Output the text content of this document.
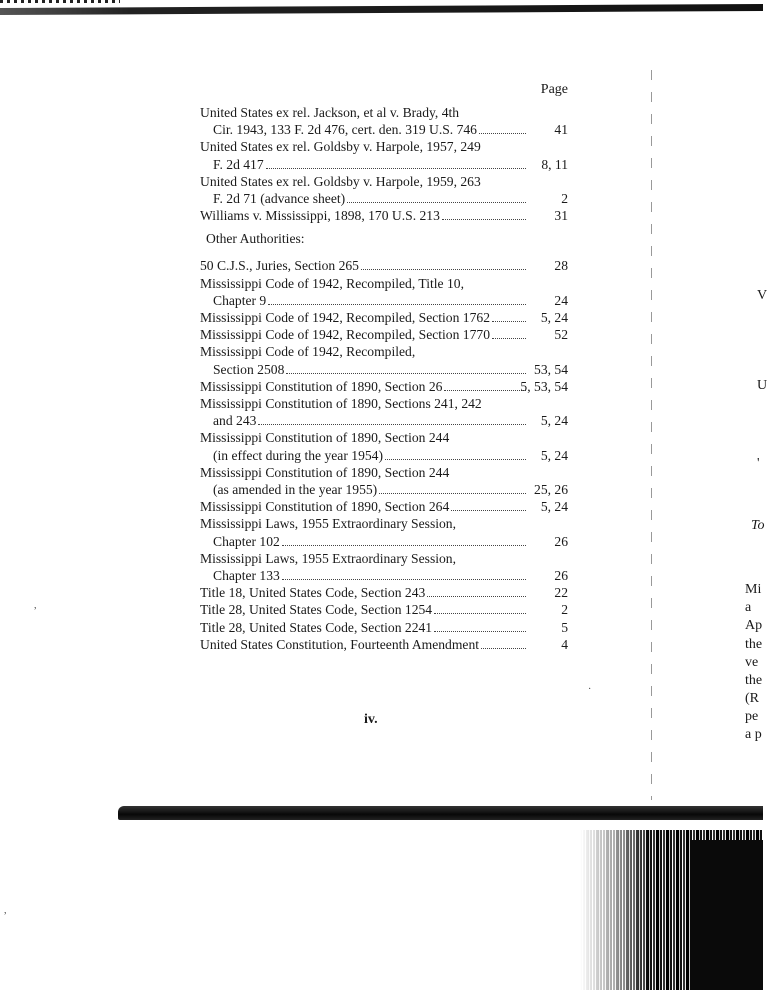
Page
United States ex rel. Jackson, et al v. Brady, 4th
Cir. 1943, 133 F. 2d 476, cert. den. 319 U.S. 746	41
United States ex rel. Goldsby v. Harpole, 1957, 249
F. 2d 417	8, 11
United States ex rel. Goldsby v. Harpole, 1959, 263
F. 2d 71 (advance sheet)	2
Williams v. Mississippi, 1898, 170 U.S. 213	31
Other Authorities:
50 C.J.S., Juries, Section 265	28
Mississippi Code of 1942, Recompiled, Title 10,
Chapter 9	24
Mississippi Code of 1942, Recompiled, Section 1762	5, 24
Mississippi Code of 1942, Recompiled, Section 1770	52
Mississippi Code of 1942, Recompiled,
Section 2508	53, 54
Mississippi Constitution of 1890, Section 26	5, 53, 54
Mississippi Constitution of 1890, Sections 241, 242
and 243	5, 24
Mississippi Constitution of 1890, Section 244
(in effect during the year 1954)	5, 24
Mississippi Constitution of 1890, Section 244
(as amended in the year 1955)	25, 26
Mississippi Constitution of 1890, Section 264	5, 24
Mississippi Laws, 1955 Extraordinary Session,
Chapter 102	26
Mississippi Laws, 1955 Extraordinary Session,
Chapter 133	26
Title 18, United States Code, Section 243	22
Title 28, United States Code, Section 1254	2
Title 28, United States Code, Section 2241	5
United States Constitution, Fourteenth Amendment	4
iv.
V
U
'
To
Mi
a
Ap
the
ve
the
(R
pe
a p
,
,
·
